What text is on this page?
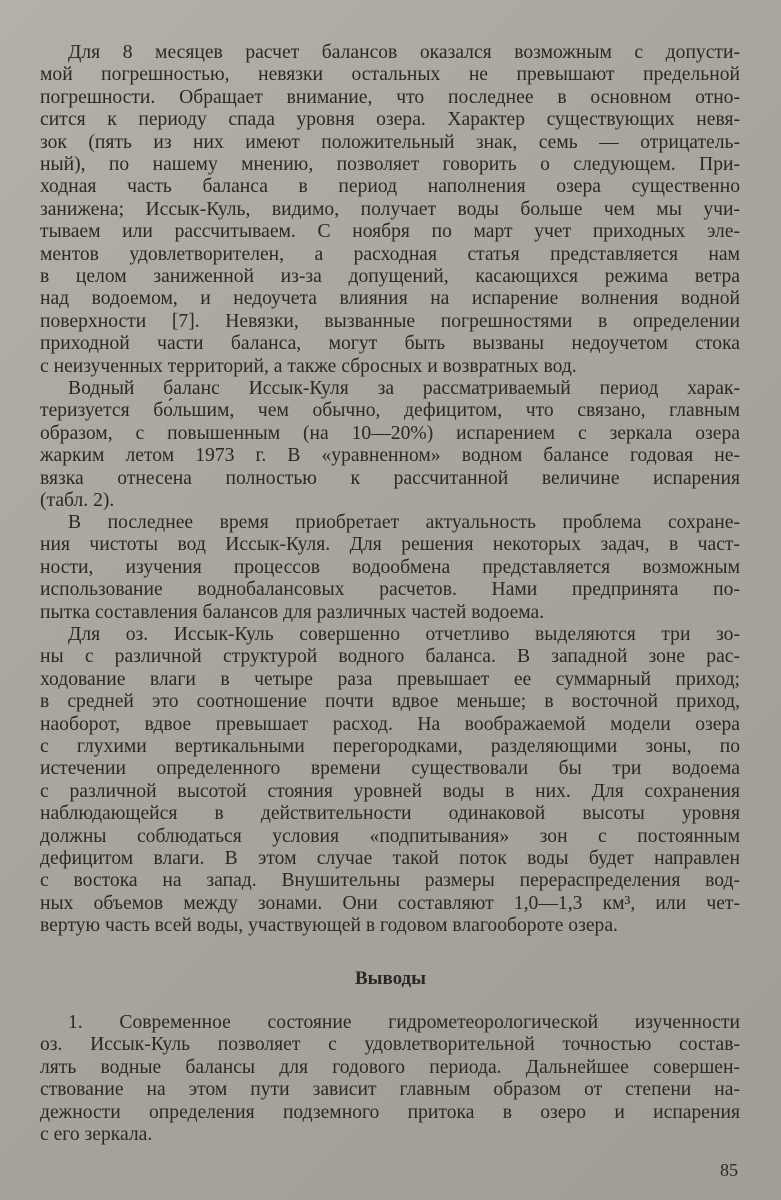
Для 8 месяцев расчет балансов оказался возможным с допусти-
мой погрешностью, невязки остальных не превышают предельной
погрешности. Обращает внимание, что последнее в основном отно-
сится к периоду спада уровня озера. Характер существующих невя-
зок (пять из них имеют положительный знак, семь — отрицатель-
ный), по нашему мнению, позволяет говорить о следующем. При-
ходная часть баланса в период наполнения озера существенно
занижена; Иссык-Куль, видимо, получает воды больше чем мы учи-
тываем или рассчитываем. С ноября по март учет приходных эле-
ментов удовлетворителен, а расходная статья представляется нам
в целом заниженной из-за допущений, касающихся режима ветра
над водоемом, и недоучета влияния на испарение волнения водной
поверхности [7]. Невязки, вызванные погрешностями в определении
приходной части баланса, могут быть вызваны недоучетом стока
с неизученных территорий, а также сбросных и возвратных вод.

Водный баланс Иссык-Куля за рассматриваемый период харак-
теризуется бо́льшим, чем обычно, дефицитом, что связано, главным
образом, с повышенным (на 10—20%) испарением с зеркала озера
жарким летом 1973 г. В «уравненном» водном балансе годовая не-
вязка отнесена полностью к рассчитанной величине испарения
(табл. 2).

В последнее время приобретает актуальность проблема сохране-
ния чистоты вод Иссык-Куля. Для решения некоторых задач, в част-
ности, изучения процессов водообмена представляется возможным
использование воднобалансовых расчетов. Нами предпринята по-
пытка составления балансов для различных частей водоема.

Для оз. Иссык-Куль совершенно отчетливо выделяются три зо-
ны с различной структурой водного баланса. В западной зоне рас-
ходование влаги в четыре раза превышает ее суммарный приход;
в средней это соотношение почти вдвое меньше; в восточной приход,
наоборот, вдвое превышает расход. На воображаемой модели озера
с глухими вертикальными перегородками, разделяющими зоны, по
истечении определенного времени существовали бы три водоема
с различной высотой стояния уровней воды в них. Для сохранения
наблюдающейся в действительности одинаковой высоты уровня
должны соблюдаться условия «подпитывания» зон с постоянным
дефицитом влаги. В этом случае такой поток воды будет направлен
с востока на запад. Внушительны размеры перераспределения вод-
ных объемов между зонами. Они составляют 1,0—1,3 км³, или чет-
вертую часть всей воды, участвующей в годовом влагообороте озера.

Выводы

1. Современное состояние гидрометеорологической изученности
оз. Иссык-Куль позволяет с удовлетворительной точностью состав-
лять водные балансы для годового периода. Дальнейшее совершен-
ствование на этом пути зависит главным образом от степени на-
дежности определения подземного притока в озеро и испарения
с его зеркала.

85
